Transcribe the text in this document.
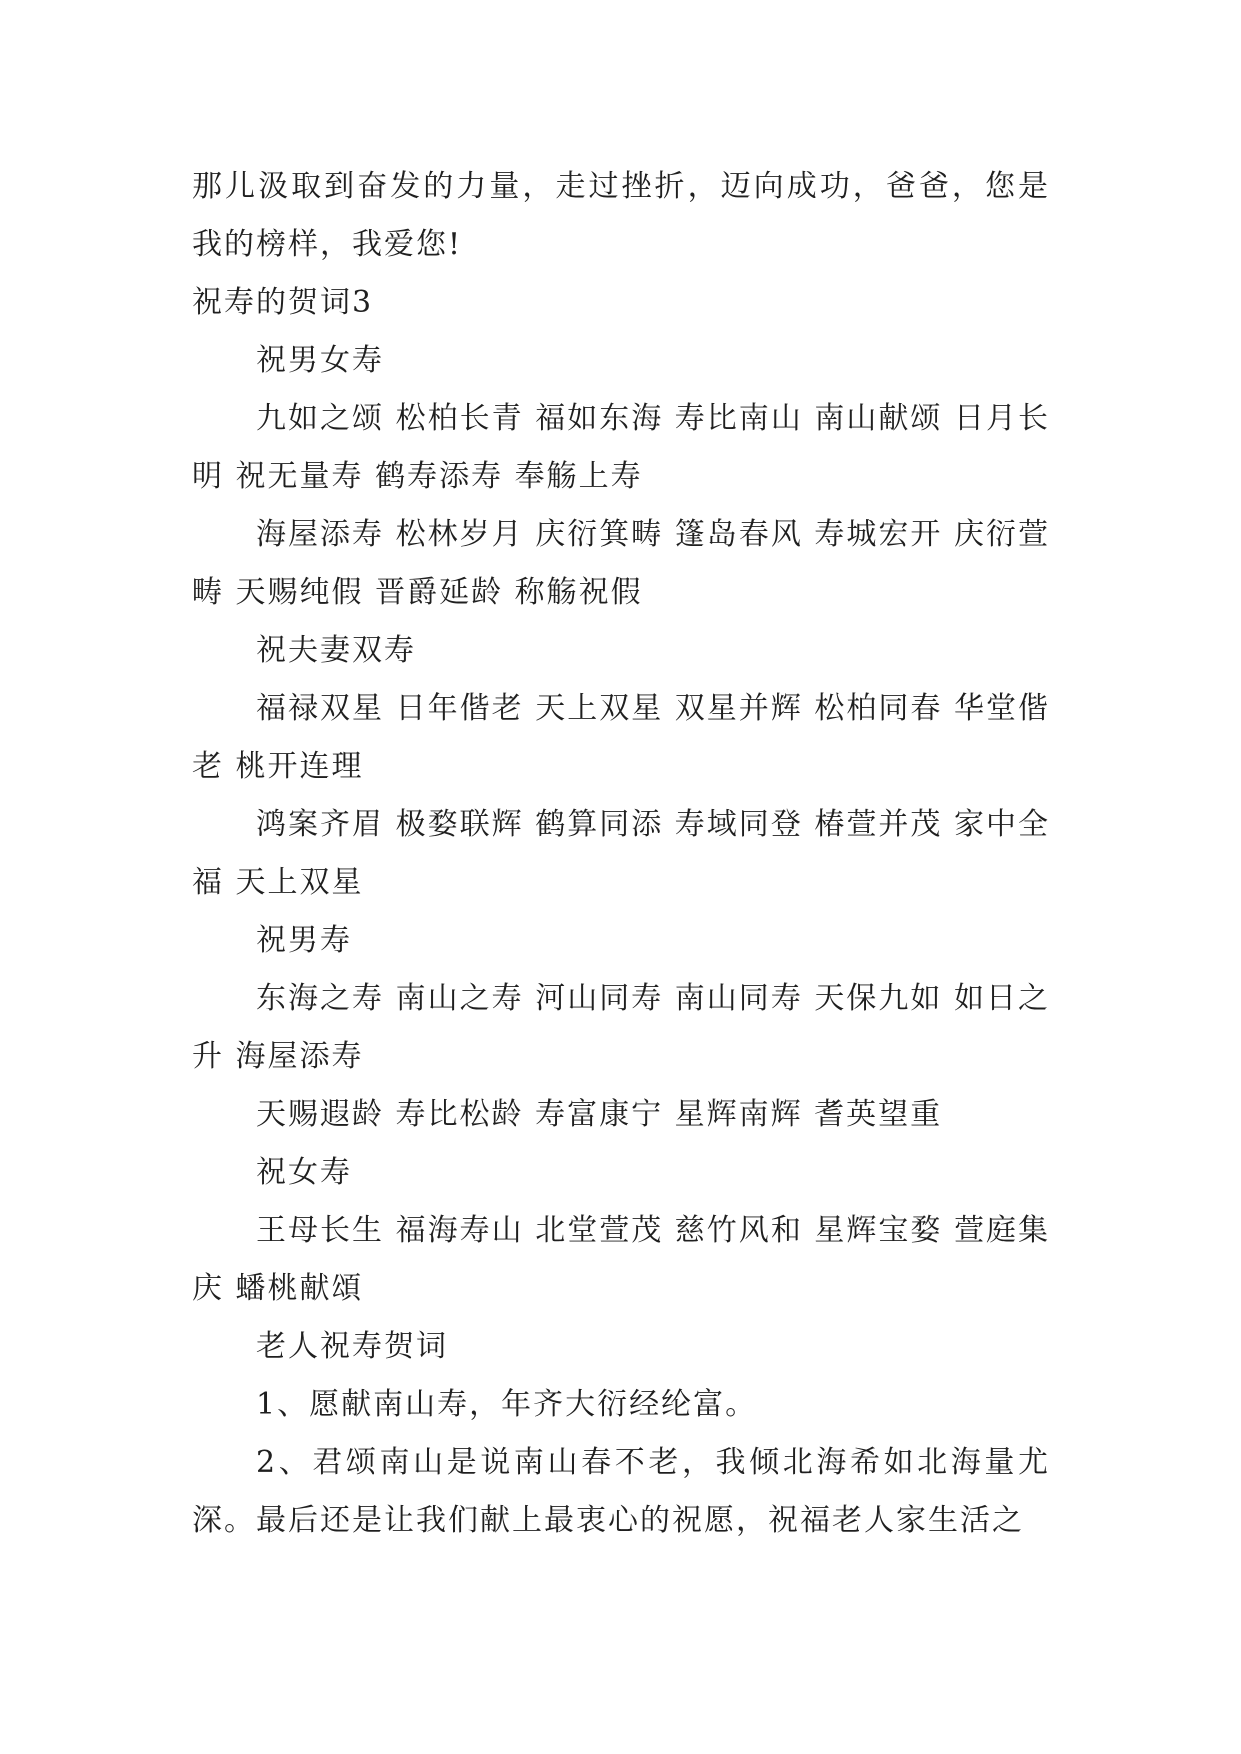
那儿汲取到奋发的力量，走过挫折，迈向成功，爸爸，您是我的榜样，我爱您!

祝寿的贺词3

祝男女寿

九如之颂 松柏长青 福如东海 寿比南山 南山献颂 日月长明 祝无量寿 鹤寿添寿 奉觞上寿

海屋添寿 松林岁月 庆衍箕畴 篷岛春风 寿城宏开 庆衍萱畴 天赐纯假 晋爵延龄 称觞祝假

祝夫妻双寿

福禄双星 日年偕老 天上双星 双星并辉 松柏同春 华堂偕老 桃开连理

鸿案齐眉 极婺联辉 鹤算同添 寿域同登 椿萱并茂 家中全福 天上双星

祝男寿

东海之寿 南山之寿 河山同寿 南山同寿 天保九如 如日之升 海屋添寿

天赐遐龄 寿比松龄 寿富康宁 星辉南辉 耆英望重

祝女寿

王母长生 福海寿山 北堂萱茂 慈竹风和 星辉宝婺 萱庭集庆 蟠桃献頌

老人祝寿贺词

1、愿献南山寿，年齐大衍经纶富。

2、君颂南山是说南山春不老，我倾北海希如北海量尤深。最后还是让我们献上最衷心的祝愿，祝福老人家生活之
